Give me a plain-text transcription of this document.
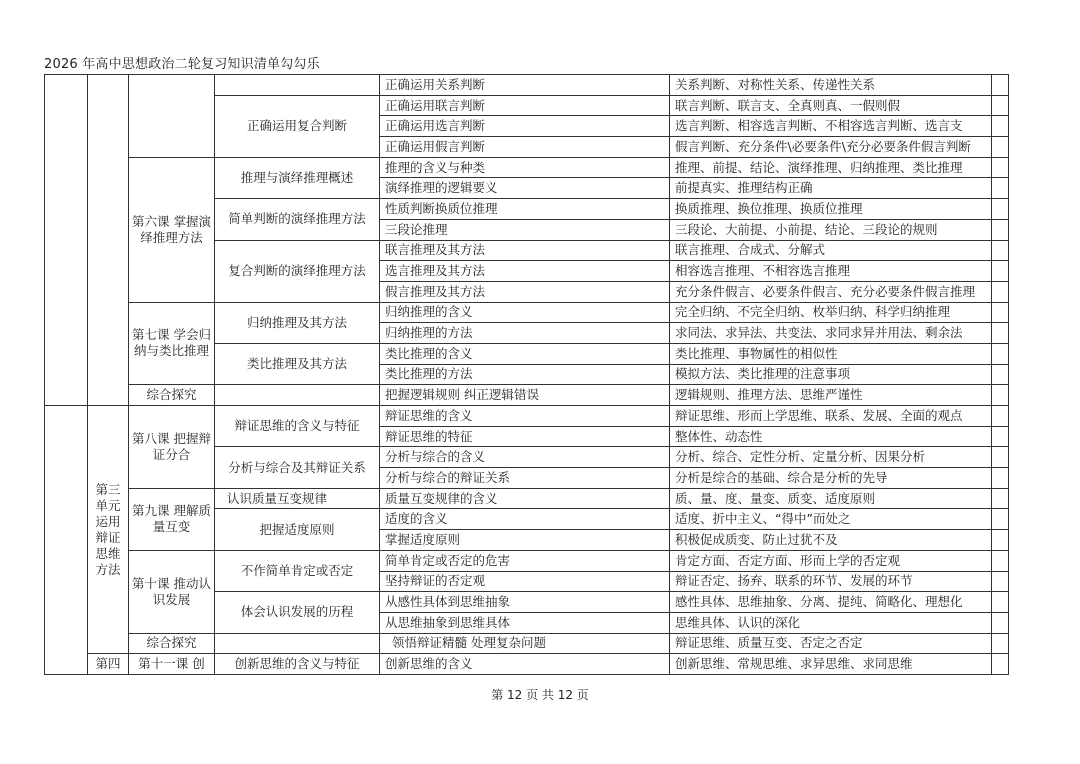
2026 年高中思想政治二轮复习知识清单勾勾乐
				正确运用关系判断	关系判断、对称性关系、传递性关系	
			正确运用复合判断	正确运用联言判断	联言判断、联言支、全真则真、一假则假	
				正确运用选言判断	选言判断、相容选言判断、不相容选言判断、选言支	
				正确运用假言判断	假言判断、充分条件\必要条件\充分必要条件假言判断	
		第六课 掌握演绎推理方法	推理与演绎推理概述	推理的含义与种类	推理、前提、结论、演绎推理、归纳推理、类比推理	
				演绎推理的逻辑要义	前提真实、推理结构正确	
			简单判断的演绎推理方法	性质判断换质位推理	换质推理、换位推理、换质位推理	
				三段论推理	三段论、大前提、小前提、结论、三段论的规则	
			复合判断的演绎推理方法	联言推理及其方法	联言推理、合成式、分解式	
				选言推理及其方法	相容选言推理、不相容选言推理	
				假言推理及其方法	充分条件假言、必要条件假言、充分必要条件假言推理	
		第七课 学会归纳与类比推理	归纳推理及其方法	归纳推理的含义	完全归纳、不完全归纳、枚举归纳、科学归纳推理	
				归纳推理的方法	求同法、求异法、共变法、求同求异并用法、剩余法	
			类比推理及其方法	类比推理的含义	类比推理、事物属性的相似性	
				类比推理的方法	模拟方法、类比推理的注意事项	
		综合探究		把握逻辑规则 纠正逻辑错误	逻辑规则、推理方法、思维严谨性	
	第三单元运用辩证思维方法	第八课 把握辩证分合	辩证思维的含义与特征	辩证思维的含义	辩证思维、形而上学思维、联系、发展、全面的观点	
				辩证思维的特征	整体性、动态性	
			分析与综合及其辩证关系	分析与综合的含义	分析、综合、定性分析、定量分析、因果分析	
				分析与综合的辩证关系	分析是综合的基础、综合是分析的先导	
		第九课 理解质量互变	认识质量互变规律	质量互变规律的含义	质、量、度、量变、质变、适度原则	
			把握适度原则	适度的含义	适度、折中主义、“得中”而处之	
				掌握适度原则	积极促成质变、防止过犹不及	
		第十课 推动认识发展	不作简单肯定或否定	简单肯定或否定的危害	肯定方面、否定方面、形而上学的否定观	
				坚持辩证的否定观	辩证否定、扬弃、联系的环节、发展的环节	
			体会认识发展的历程	从感性具体到思维抽象	感性具体、思维抽象、分离、提纯、简略化、理想化	
				从思维抽象到思维具体	思维具体、认识的深化	
		综合探究		领悟辩证精髓 处理复杂问题	辩证思维、质量互变、否定之否定	
	第四	第十一课 创	创新思维的含义与特征	创新思维的含义	创新思维、常规思维、求异思维、求同思维	
第 12 页 共 12 页
